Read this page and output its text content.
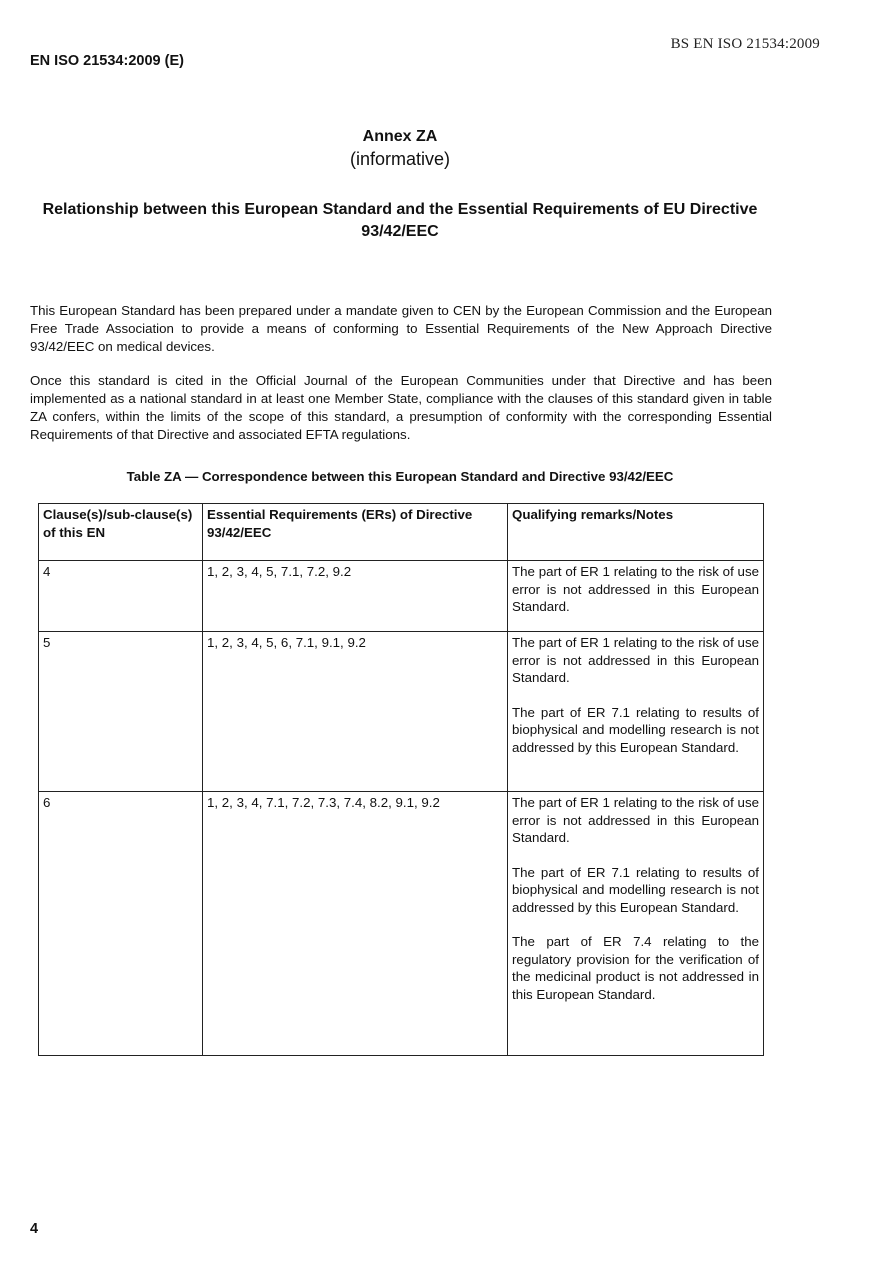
BS EN ISO 21534:2009
EN ISO 21534:2009 (E)
Annex ZA
(informative)
Relationship between this European Standard and the Essential Requirements of EU Directive 93/42/EEC

This European Standard has been prepared under a mandate given to CEN by the European Commission and the European Free Trade Association to provide a means of conforming to Essential Requirements of the New Approach Directive 93/42/EEC on medical devices.

Once this standard is cited in the Official Journal of the European Communities under that Directive and has been implemented as a national standard in at least one Member State, compliance with the clauses of this standard given in table ZA confers, within the limits of the scope of this standard, a presumption of conformity with the corresponding Essential Requirements of that Directive and associated EFTA regulations.

Table ZA — Correspondence between this European Standard and Directive 93/42/EEC
Clause(s)/sub-clause(s) of this EN	Essential Requirements (ERs) of Directive 93/42/EEC	Qualifying remarks/Notes
4	1, 2, 3, 4, 5, 7.1, 7.2, 9.2	The part of ER 1 relating to the risk of use error is not addressed in this European Standard.

5	1, 2, 3, 4, 5, 6, 7.1, 9.1, 9.2	The part of ER 1 relating to the risk of use error is not addressed in this European Standard.

The part of ER 7.1 relating to results of biophysical and modelling research is not addressed by this European Standard.

6	1, 2, 3, 4, 7.1, 7.2, 7.3, 7.4, 8.2, 9.1, 9.2	The part of ER 1 relating to the risk of use error is not addressed in this European Standard.

The part of ER 7.1 relating to results of biophysical and modelling research is not addressed by this European Standard.

The part of ER 7.4 relating to the regulatory provision for the verification of the medicinal product is not addressed in this European Standard.

4
